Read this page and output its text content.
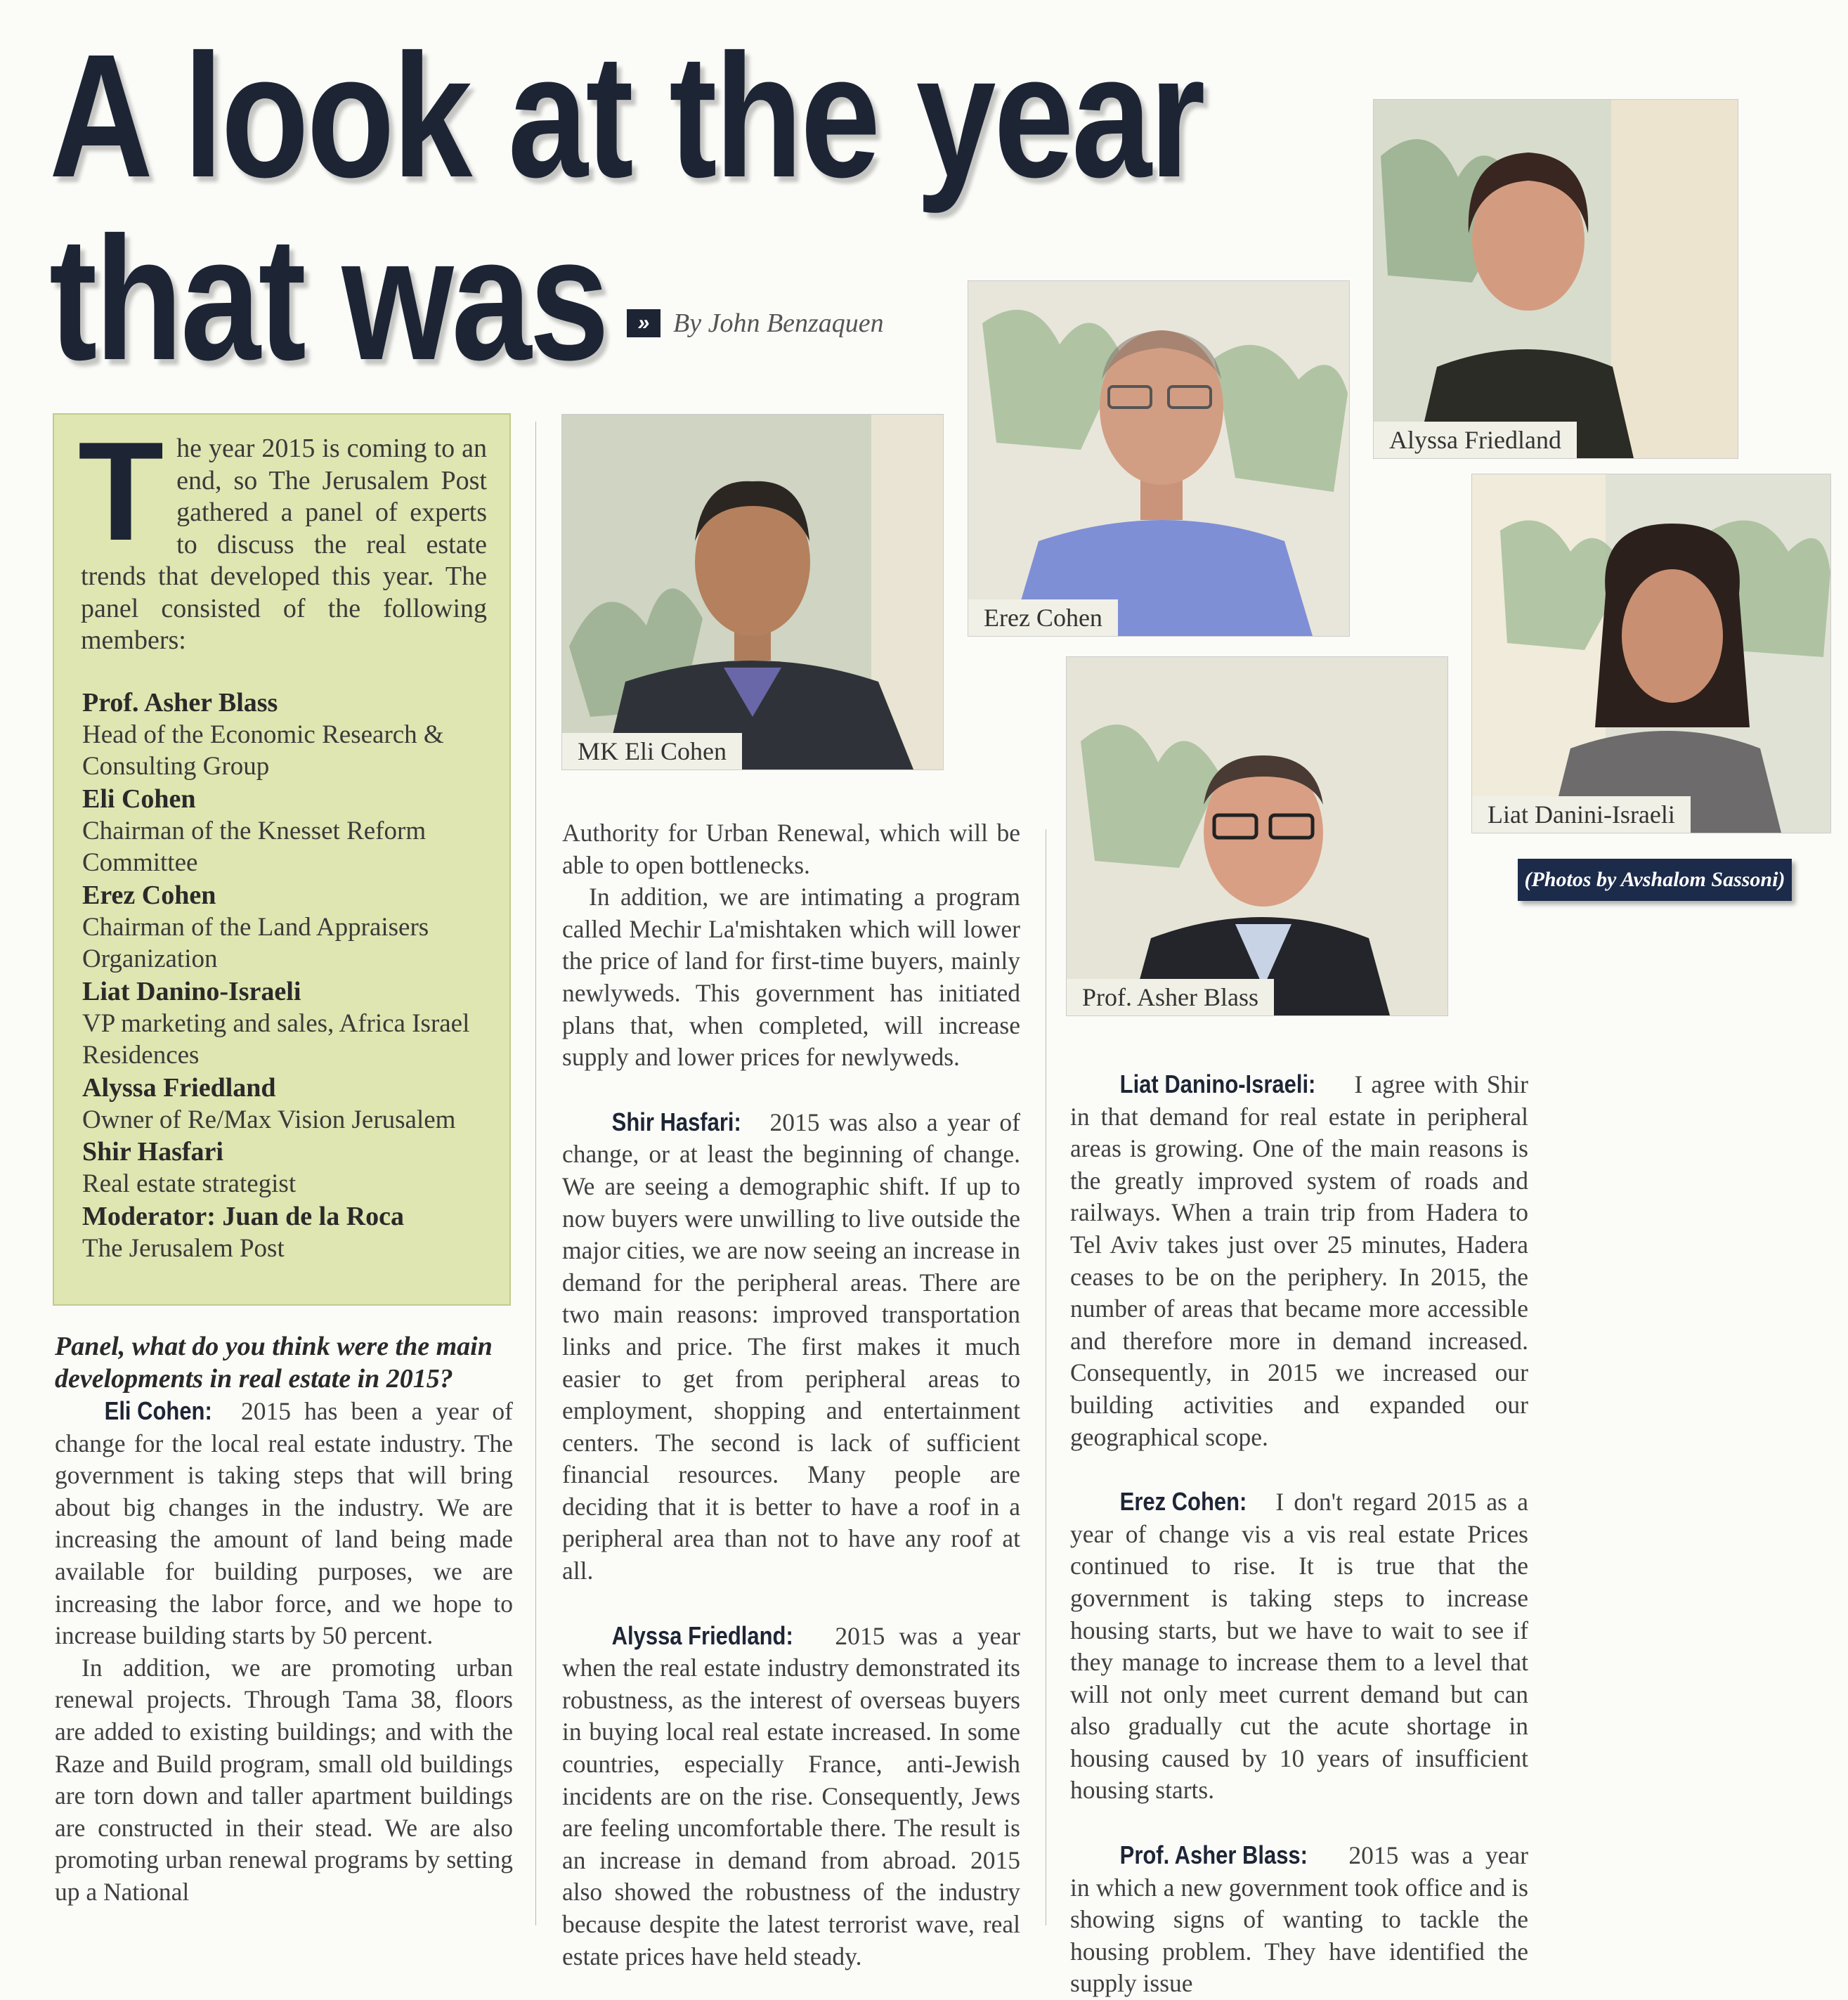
A look at the year
that was	» By John Benzaquen

The year 2015 is coming to an end, so The Jerusalem Post gathered a panel of experts to discuss the real estate trends that developed this year. The panel consisted of the following members:

Prof. Asher Blass
Head of the Economic Research & Consulting Group
Eli Cohen
Chairman of the Knesset Reform Committee
Erez Cohen
Chairman of the Land Appraisers Organization
Liat Danino-Israeli
VP marketing and sales, Africa Israel Residences
Alyssa Friedland
Owner of Re/Max Vision Jerusalem
Shir Hasfari
Real estate strategist
Moderator: Juan de la Roca
The Jerusalem Post

Panel, what do you think were the main developments in real estate in 2015?

Eli Cohen: 2015 has been a year of change for the local real estate industry. The government is taking steps that will bring about big changes in the industry. We are increasing the amount of land being made available for building purposes, we are increasing the labor force, and we hope to increase building starts by 50 percent.

In addition, we are promoting urban renewal projects. Through Tama 38, floors are added to existing buildings; and with the Raze and Build program, small old buildings are torn down and taller apartment buildings are constructed in their stead. We are also promoting urban renewal programs by setting up a National

Authority for Urban Renewal, which will be able to open bottlenecks.

In addition, we are intimating a program called Mechir La'mishtaken which will lower the price of land for first-time buyers, mainly newlyweds. This government has initiated plans that, when completed, will increase supply and lower prices for newlyweds.

Shir Hasfari: 2015 was also a year of change, or at least the beginning of change. We are seeing a demographic shift. If up to now buyers were unwilling to live outside the major cities, we are now seeing an increase in demand for the peripheral areas. There are two main reasons: improved transportation links and price. The first makes it much easier to get from peripheral areas to employment, shopping and entertainment centers. The second is lack of sufficient financial resources. Many people are deciding that it is better to have a roof in a peripheral area than not to have any roof at all.

Alyssa Friedland: 2015 was a year when the real estate industry demonstrated its robustness, as the interest of overseas buyers in buying local real estate increased. In some countries, especially France, anti-Jewish incidents are on the rise. Consequently, Jews are feeling uncomfortable there. The result is an increase in demand from abroad. 2015 also showed the robustness of the industry because despite the latest terrorist wave, real estate prices have held steady.

Liat Danino-Israeli: I agree with Shir in that demand for real estate in peripheral areas is growing. One of the main reasons is the greatly improved system of roads and railways. When a train trip from Hadera to Tel Aviv takes just over 25 minutes, Hadera ceases to be on the periphery. In 2015, the number of areas that became more accessible and therefore more in demand increased. Consequently, in 2015 we increased our building activities and expanded our geographical scope.

Erez Cohen: I don't regard 2015 as a year of change vis a vis real estate Prices continued to rise. It is true that the government is taking steps to increase housing starts, but we have to wait to see if they manage to increase them to a level that will not only meet current demand but can also gradually cut the acute shortage in housing caused by 10 years of insufficient housing starts.

Prof. Asher Blass: 2015 was a year in which a new government took office and is showing signs of wanting to tackle the housing problem. They have identified the supply issue

MK Eli Cohen
Erez Cohen
Alyssa Friedland
Prof. Asher Blass
Liat Danini-Israeli
(Photos by Avshalom Sassoni)
